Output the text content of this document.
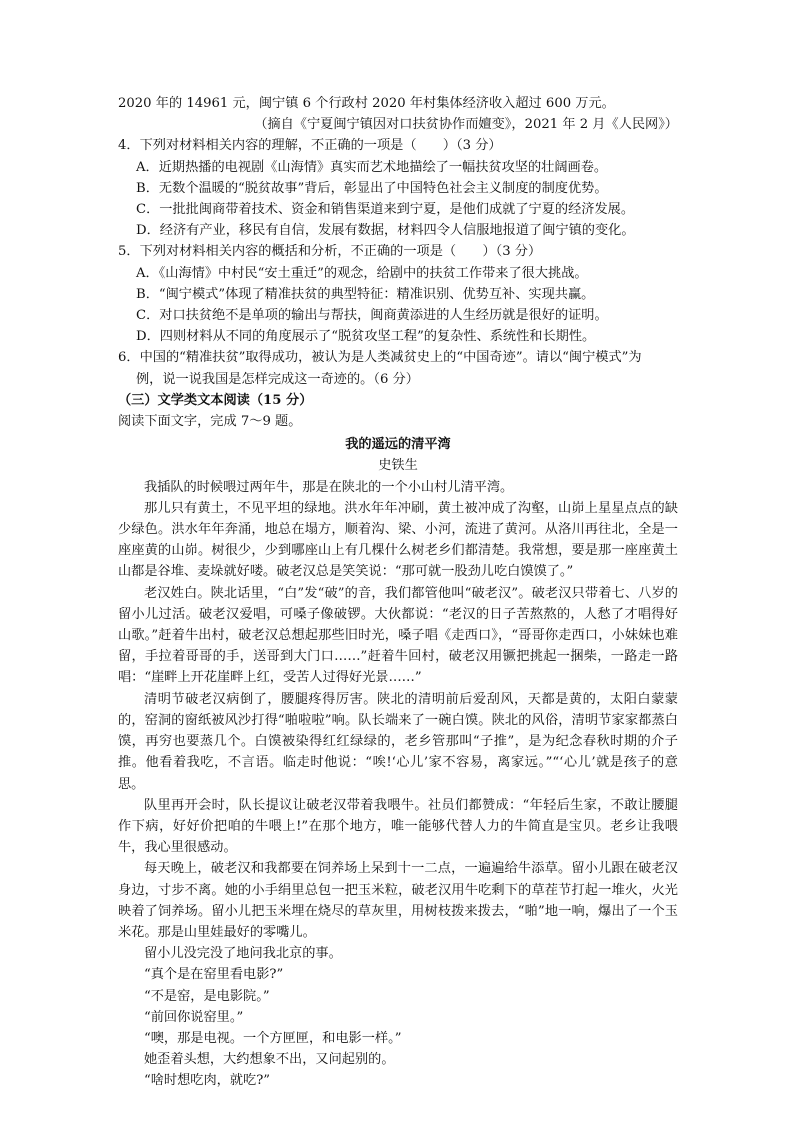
2020 年的 14961 元，闽宁镇 6 个行政村 2020 年村集体经济收入超过 600 万元。
（摘自《宁夏闽宁镇因对口扶贫协作而嬗变》，2021 年 2 月《人民网》）
4．下列对材料相关内容的理解，不正确的一项是（　　）（3 分）
A．近期热播的电视剧《山海情》真实而艺术地描绘了一幅扶贫攻坚的壮阔画卷。
B．无数个温暖的“脱贫故事”背后，彰显出了中国特色社会主义制度的制度优势。
C．一批批闽商带着技术、资金和销售渠道来到宁夏，是他们成就了宁夏的经济发展。
D．经济有产业，移民有自信，发展有数据，材料四令人信服地报道了闽宁镇的变化。
5．下列对材料相关内容的概括和分析，不正确的一项是（　　）（3 分）
A．《山海情》中村民“安土重迁”的观念，给剧中的扶贫工作带来了很大挑战。
B．“闽宁模式”体现了精准扶贫的典型特征：精准识别、优势互补、实现共赢。
C．对口扶贫绝不是单项的输出与帮扶，闽商黄添进的人生经历就是很好的证明。
D．四则材料从不同的角度展示了“脱贫攻坚工程”的复杂性、系统性和长期性。
6．中国的“精准扶贫”取得成功，被认为是人类减贫史上的“中国奇迹”。请以“闽宁模式”为
例，说一说我国是怎样完成这一奇迹的。（6 分）
（三）文学类文本阅读（15 分）
阅读下面文字，完成 7～9 题。
我的遥远的清平湾
史铁生

我插队的时候喂过两年牛，那是在陕北的一个小山村儿清平湾。

那儿只有黄土，不见平坦的绿地。洪水年年冲刷，黄土被冲成了沟壑，山峁上星星点点的缺少绿色。洪水年年奔涌，地总在塌方，顺着沟、梁、小河，流进了黄河。从洛川再往北，全是一座座黄的山峁。树很少，少到哪座山上有几棵什么树老乡们都清楚。我常想，要是那一座座黄土山都是谷堆、麦垛就好喽。破老汉总是笑笑说：“那可就一股劲儿吃白馍馍了。”

老汉姓白。陕北话里，“白”发“破”的音，我们都管他叫“破老汉”。破老汉只带着七、八岁的留小儿过活。破老汉爱唱，可嗓子像破锣。大伙都说：“老汉的日子苦熬熬的，人愁了才唱得好山歌。”赶着牛出村，破老汉总想起那些旧时光，嗓子唱《走西口》，“哥哥你走西口，小妹妹也难留，手拉着哥哥的手，送哥到大门口……”赶着牛回村，破老汉用镢把挑起一捆柴，一路走一路唱：“崖畔上开花崖畔上红，受苦人过得好光景……”

清明节破老汉病倒了，腰腿疼得厉害。陕北的清明前后爱刮风，天都是黄的，太阳白蒙蒙的，窑洞的窗纸被风沙打得“啪啦啦”响。队长端来了一碗白馍。陕北的风俗，清明节家家都蒸白馍，再穷也要蒸几个。白馍被染得红红绿绿的，老乡管那叫“子推”，是为纪念春秋时期的介子推。他看着我吃，不言语。临走时他说：“唉!‘心儿’家不容易，离家远。”“‘心儿’就是孩子的意思。

队里再开会时，队长提议让破老汉带着我喂牛。社员们都赞成：“年轻后生家，不敢让腰腿作下病，好好价把咱的牛喂上!”在那个地方，唯一能够代替人力的牛简直是宝贝。老乡让我喂牛，我心里很感动。

每天晚上，破老汉和我都要在饲养场上呆到十一二点，一遍遍给牛添草。留小儿跟在破老汉身边，寸步不离。她的小手绢里总包一把玉米粒，破老汉用牛吃剩下的草茬节打起一堆火，火光映着了饲养场。留小儿把玉米埋在烧尽的草灰里，用树枝拨来拨去，“啪”地一响，爆出了一个玉米花。那是山里娃最好的零嘴儿。

留小儿没完没了地问我北京的事。

“真个是在窑里看电影?”
“不是窑，是电影院。”
“前回你说窑里。”
“噢，那是电视。一个方匣匣，和电影一样。”
她歪着头想，大约想象不出，又问起别的。
“啥时想吃肉，就吃?”
